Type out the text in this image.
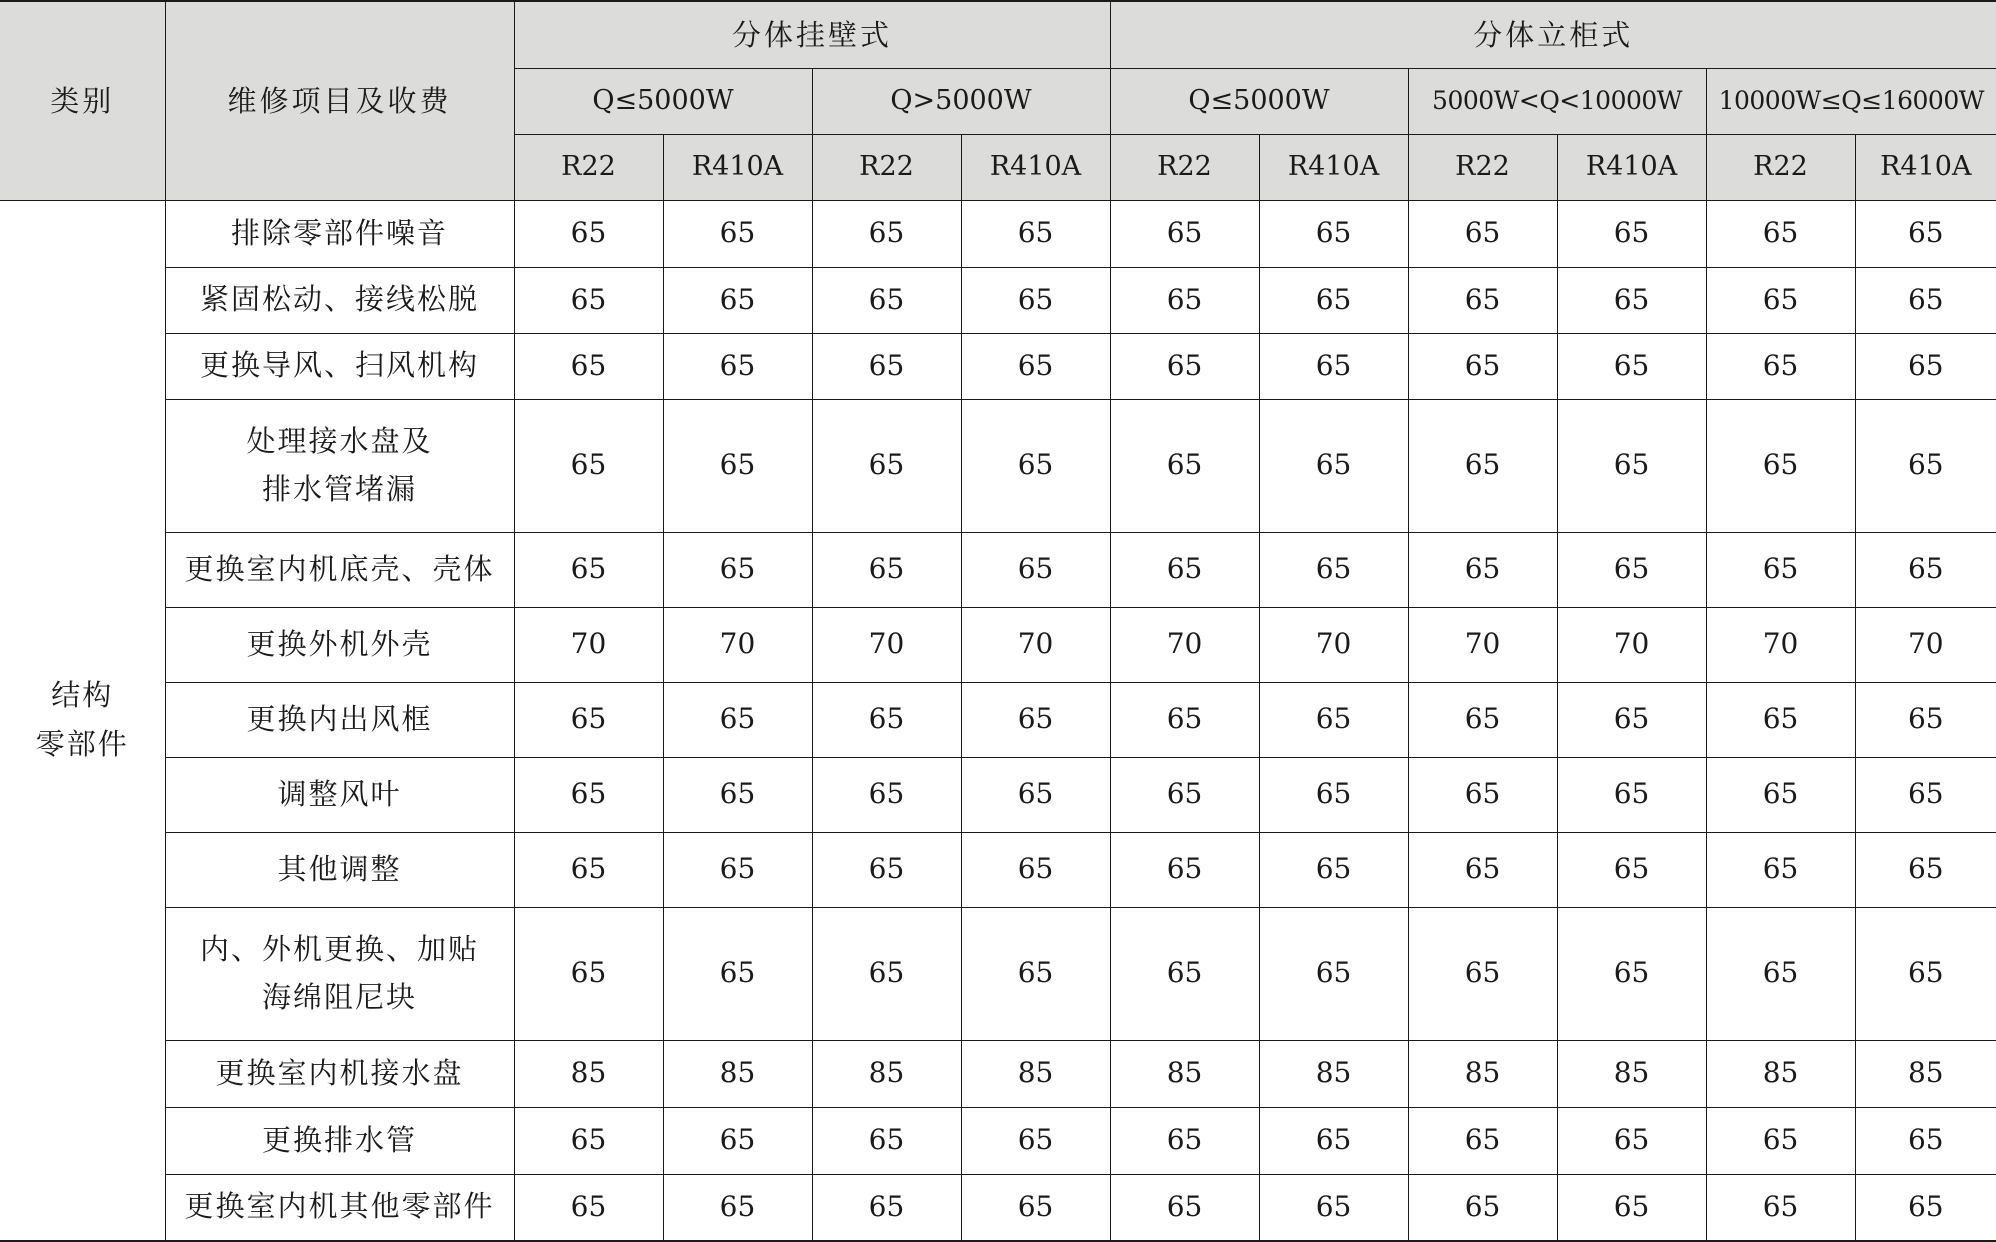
类别	维修项目及收费	分体挂壁式				分体立柜式					
		Q≤5000W		Q>5000W		Q≤5000W		5000W<Q<10000W		10000W≤Q≤16000W	
		R22	R410A	R22	R410A	R22	R410A	R22	R410A	R22	R410A

结构
零部件	排除零部件噪音	65	65	65	65	65	65	65	65	65	65

	紧固松动、接线松脱	65	65	65	65	65	65	65	65	65	65

	更换导风、扫风机构	65	65	65	65	65	65	65	65	65	65

	处理接水盘及
排水管堵漏	65	65	65	65	65	65	65	65	65	65

	更换室内机底壳、壳体	65	65	65	65	65	65	65	65	65	65

	更换外机外壳	70	70	70	70	70	70	70	70	70	70

	更换内出风框	65	65	65	65	65	65	65	65	65	65

	调整风叶	65	65	65	65	65	65	65	65	65	65

	其他调整	65	65	65	65	65	65	65	65	65	65

	内、外机更换、加贴
海绵阻尼块	65	65	65	65	65	65	65	65	65	65

	更换室内机接水盘	85	85	85	85	85	85	85	85	85	85

	更换排水管	65	65	65	65	65	65	65	65	65	65

	更换室内机其他零部件	65	65	65	65	65	65	65	65	65	65
